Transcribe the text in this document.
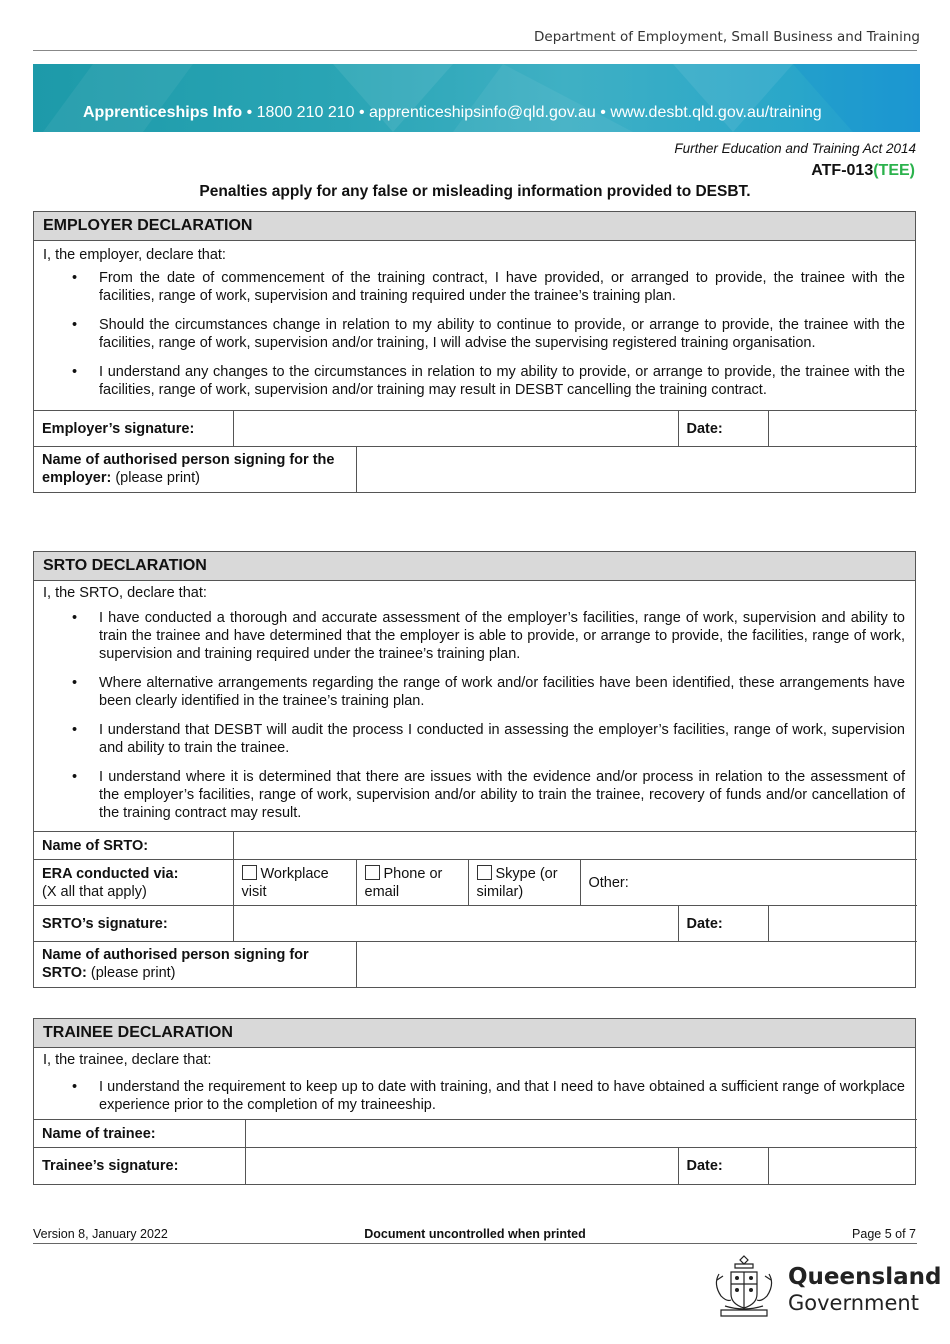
Department of Employment, Small Business and Training
Apprenticeships Info • 1800 210 210 • apprenticeshipsinfo@qld.gov.au • www.desbt.qld.gov.au/training
Further Education and Training Act 2014
ATF-013(TEE)
Penalties apply for any false or misleading information provided to DESBT.
EMPLOYER DECLARATION
I, the employer, declare that:
• From the date of commencement of the training contract, I have provided, or arranged to provide, the trainee with the facilities, range of work, supervision and training required under the trainee’s training plan.
• Should the circumstances change in relation to my ability to continue to provide, or arrange to provide, the trainee with the facilities, range of work, supervision and/or training, I will advise the supervising registered training organisation.
• I understand any changes to the circumstances in relation to my ability to provide, or arrange to provide, the trainee with the facilities, range of work, supervision and/or training may result in DESBT cancelling the training contract.
Employer’s signature:			Date:	
Name of authorised person signing for the employer: (please print)				
SRTO DECLARATION
I, the SRTO, declare that:
• I have conducted a thorough and accurate assessment of the employer’s facilities, range of work, supervision and ability to train the trainee and have determined that the employer is able to provide, or arrange to provide, the facilities, range of work, supervision and training required under the trainee’s training plan.
• Where alternative arrangements regarding the range of work and/or facilities have been identified, these arrangements have been clearly identified in the trainee’s training plan.
• I understand that DESBT will audit the process I conducted in assessing the employer’s facilities, range of work, supervision and ability to train the trainee.
• I understand where it is determined that there are issues with the evidence and/or process in relation to the assessment of the employer’s facilities, range of work, supervision and/or ability to train the trainee, recovery of funds and/or cancellation of the training contract may result.
Name of SRTO:						
ERA conducted via:
(X all that apply)	Workplace visit	Phone or email	Skype (or similar)	Other:		
SRTO’s signature:					Date:	
Name of authorised person signing for SRTO: (please print)						
TRAINEE DECLARATION
I, the trainee, declare that:
• I understand the requirement to keep up to date with training, and that I need to have obtained a sufficient range of workplace experience prior to the completion of my traineeship.
Name of trainee:			
Trainee’s signature:		Date:	
Version 8, January 2022	Document uncontrolled when printed	Page 5 of 7
Queensland
Government
